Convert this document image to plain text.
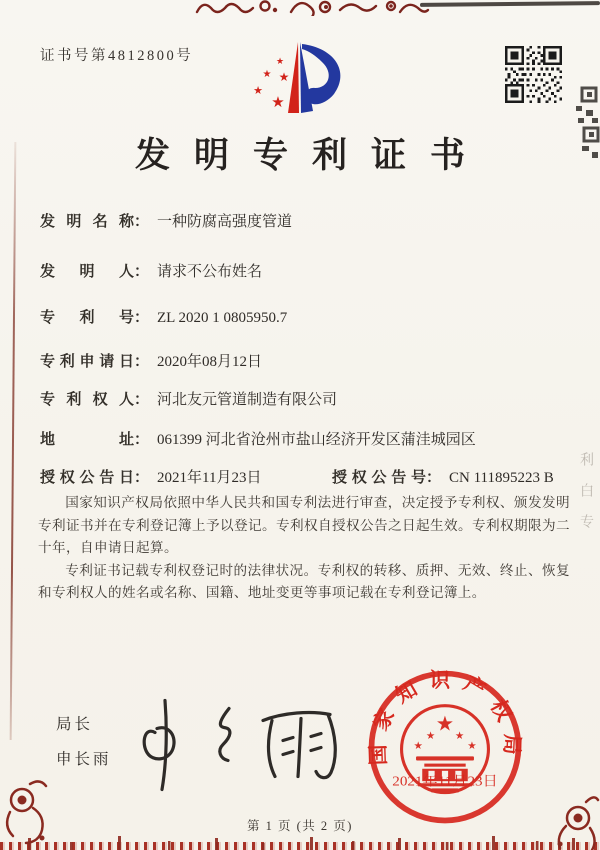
证书号第4812800号	★
★ ★
★
★
发明专利证书
发明名称： 一种防腐高强度管道
发明人： 请求不公布姓名
专利号： ZL 2020 1 0805950.7
专利申请日： 2020年08月12日
专利权人： 河北友元管道制造有限公司
地址： 061399 河北省沧州市盐山经济开发区蒲洼城园区
授权公告日： 2021年11月23日	授权公告号： CN 111895223 B

国家知识产权局依照中华人民共和国专利法进行审查，决定授予专利权、颁发发明专利证书并在专利登记簿上予以登记。专利权自授权公告之日起生效。专利权期限为二十年，自申请日起算。

专利证书记载专利权登记时的法律状况。专利权的转移、质押、无效、终止、恢复和专利权人的姓名或名称、国籍、地址变更等事项记载在专利登记簿上。

局长
申长雨	国家知识产权局
★
★
★ ★
★
2021年11月23日
第 1 页 (共 2 页)
利白专
